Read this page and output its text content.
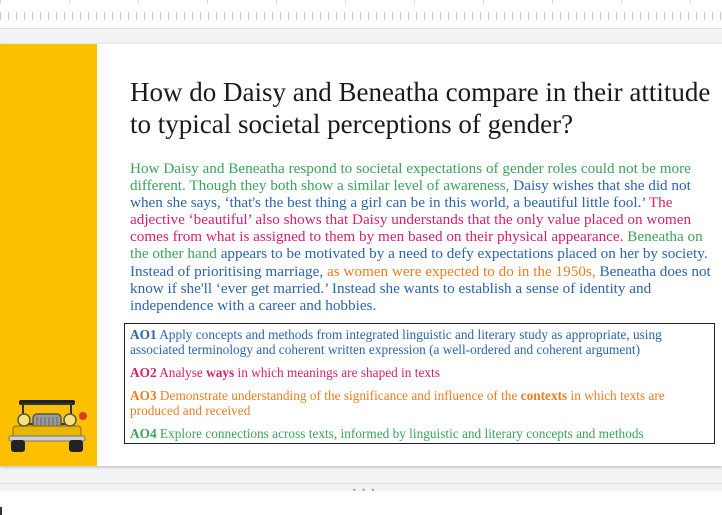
How do Daisy and Beneatha compare in their attitude to typical societal perceptions of gender?

How Daisy and Beneatha respond to societal expectations of gender roles could not be more different. Though they both show a similar level of awareness, Daisy wishes that she did not when she says, ‘that's the best thing a girl can be in this world, a beautiful little fool.’ The adjective ‘beautiful’ also shows that Daisy understands that the only value placed on women comes from what is assigned to them by men based on their physical appearance. Beneatha on the other hand appears to be motivated by a need to defy expectations placed on her by society. Instead of prioritising marriage, as women were expected to do in the 1950s, Beneatha does not know if she'll ‘ever get married.’ Instead she wants to establish a sense of identity and independence with a career and hobbies.

AO1 Apply concepts and methods from integrated linguistic and literary study as appropriate, using associated terminology and coherent written expression (a well-ordered and coherent argument)

AO2 Analyse ways in which meanings are shaped in texts

AO3 Demonstrate understanding of the significance and influence of the contexts in which texts are produced and received

AO4 Explore connections across texts, informed by linguistic and literary concepts and methods
